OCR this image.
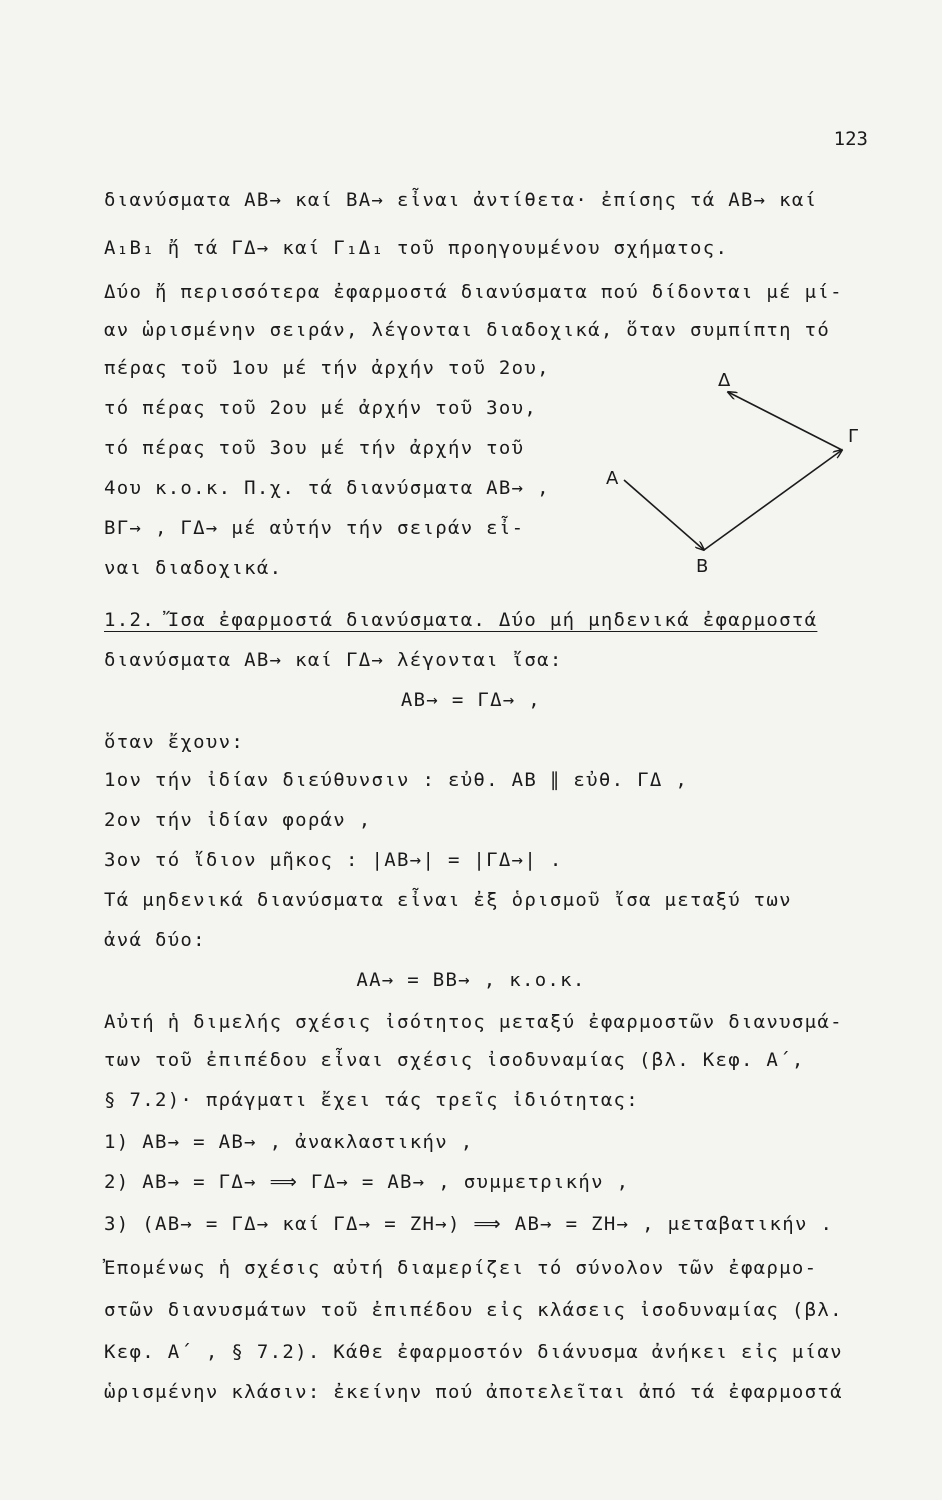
123
διανύσματα AB→ καί BA→ εἶναι ἀντίθετα· ἐπίσης τά AB→ καί
A₁B₁ ἤ τά ΓΔ→ καί Γ₁Δ₁ τοῦ προηγουμένου σχήματος.
Δύο ἤ περισσότερα ἐφαρμοστά διανύσματα πού δίδονται μέ μί-
αν ὡρισμένην σειράν, λέγονται διαδοχικά, ὅταν συμπίπτη τό
πέρας τοῦ 1ου μέ τήν ἀρχήν τοῦ 2ου,
τό πέρας τοῦ 2ου μέ ἀρχήν τοῦ 3ου,
τό πέρας τοῦ 3ου μέ τήν ἀρχήν τοῦ
4ου κ.ο.κ. Π.χ. τά διανύσματα AB→ ,
BΓ→ , ΓΔ→ μέ αὐτήν τήν σειράν εἶ-
ναι διαδοχικά.
1.2. Ἴσα ἐφαρμοστά διανύσματα. Δύο μή μηδενικά ἐφαρμοστά
διανύσματα AB→ καί ΓΔ→ λέγονται ἴσα:
AB→ = ΓΔ→ ,
ὅταν ἔχουν:
1ον τήν ἰδίαν διεύθυνσιν : εὐθ. AB ∥ εὐθ. ΓΔ ,
2ον τήν ἰδίαν φοράν ,
3ον τό ἴδιον μῆκος : |AB→| = |ΓΔ→| .
Τά μηδενικά διανύσματα εἶναι ἐξ ὁρισμοῦ ἴσα μεταξύ των
ἀνά δύο:
AA→ = BB→ , κ.ο.κ.
Αὐτή ἡ διμελής σχέσις ἰσότητος μεταξύ ἐφαρμοστῶν διανυσμά-
των τοῦ ἐπιπέδου εἶναι σχέσις ἰσοδυναμίας (βλ. Κεφ. Α΄,
§ 7.2)· πράγματι ἔχει τάς τρεῖς ἰδιότητας:
1) AB→ = AB→ , ἀνακλαστικήν ,
2) AB→ = ΓΔ→ ⟹ ΓΔ→ = AB→ , συμμετρικήν ,
3) (AB→ = ΓΔ→ καί ΓΔ→ = ZH→) ⟹ AB→ = ZH→ , μεταβατικήν .
Ἐπομένως ἡ σχέσις αὐτή διαμερίζει τό σύνολον τῶν ἐφαρμο-
στῶν διανυσμάτων τοῦ ἐπιπέδου εἰς κλάσεις ἰσοδυναμίας (βλ.
Κεφ. Α΄ , § 7.2). Κάθε ἐφαρμοστόν διάνυσμα ἀνήκει εἰς μίαν
ὡρισμένην κλάσιν: ἐκείνην πού ἀποτελεῖται ἀπό τά ἐφαρμοστά
A
B
Γ
Δ
